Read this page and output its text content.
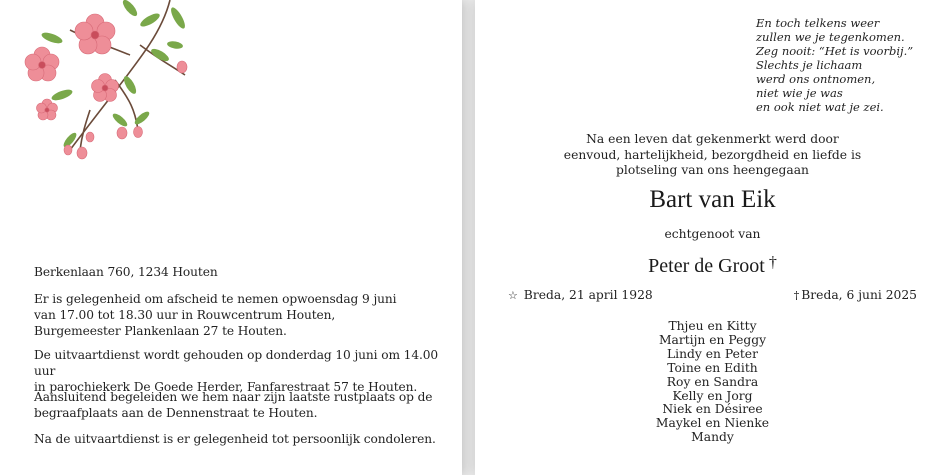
Berkenlaan 760, 1234 Houten
Er is gelegenheid om afscheid te nemen opwoensdag 9 juni
van 17.00 tot 18.30 uur in Rouwcentrum Houten,
Burgemeester Plankenlaan 27 te Houten.
De uitvaartdienst wordt gehouden op donderdag 10 juni om 14.00 uur
in parochiekerk De Goede Herder, Fanfarestraat 57 te Houten.
Aansluitend begeleiden we hem naar zijn laatste rustplaats op de
begraafplaats aan de Dennenstraat te Houten.
Na de uitvaartdienst is er gelegenheid tot persoonlijk condoleren.
En toch telkens weer
zullen we je tegenkomen.
Zeg nooit: “Het is voorbij.”
Slechts je lichaam
werd ons ontnomen,
niet wie je was
en ook niet wat je zei.
Na een leven dat gekenmerkt werd door
eenvoud, hartelijkheid, bezorgdheid en liefde is
plotseling van ons heengegaan
Bart van Eik
echtgenoot van
Peter de Groot †
☆ Breda, 21 april 1928	† Breda, 6 juni 2025
Thjeu en Kitty
Martijn en Peggy
Lindy en Peter
Toine en Edith
Roy en Sandra
Kelly en Jorg
Niek en Désiree
Maykel en Nienke
Mandy
